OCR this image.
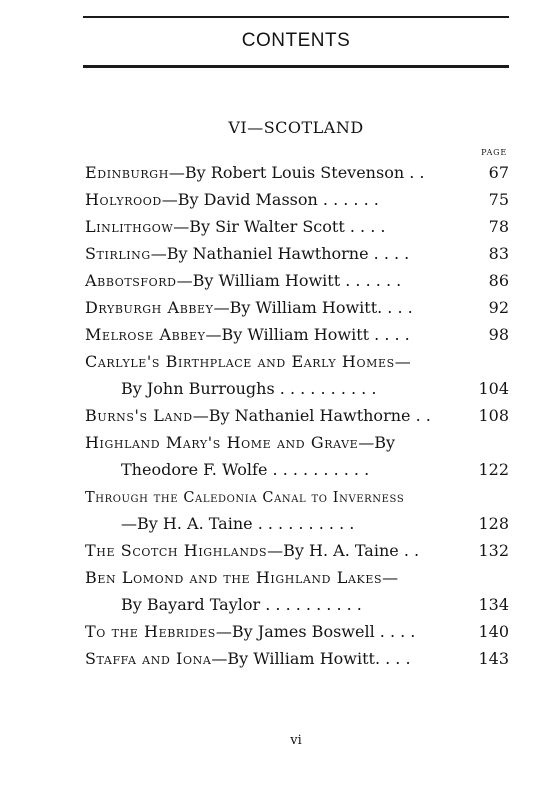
CONTENTS
VI—SCOTLAND
PAGE
Edinburgh—By Robert Louis Stevenson . .	67
Holyrood—By David Masson . . . . . .	75
Linlithgow—By Sir Walter Scott . . . .	78
Stirling—By Nathaniel Hawthorne . . . .	83
Abbotsford—By William Howitt . . . . . .	86
Dryburgh Abbey—By William Howitt. . . .	92
Melrose Abbey—By William Howitt . . . .	98
Carlyle's Birthplace and Early Homes—
By John Burroughs . . . . . . . . . .	104
Burns's Land—By Nathaniel Hawthorne . .	108
Highland Mary's Home and Grave—By
Theodore F. Wolfe . . . . . . . . . .	122
Through the Caledonia Canal to Inverness
—By H. A. Taine . . . . . . . . . .	128
The Scotch Highlands—By H. A. Taine . .	132
Ben Lomond and the Highland Lakes—
By Bayard Taylor . . . . . . . . . .	134
To the Hebrides—By James Boswell . . . .	140
Staffa and Iona—By William Howitt. . . .	143
vi
